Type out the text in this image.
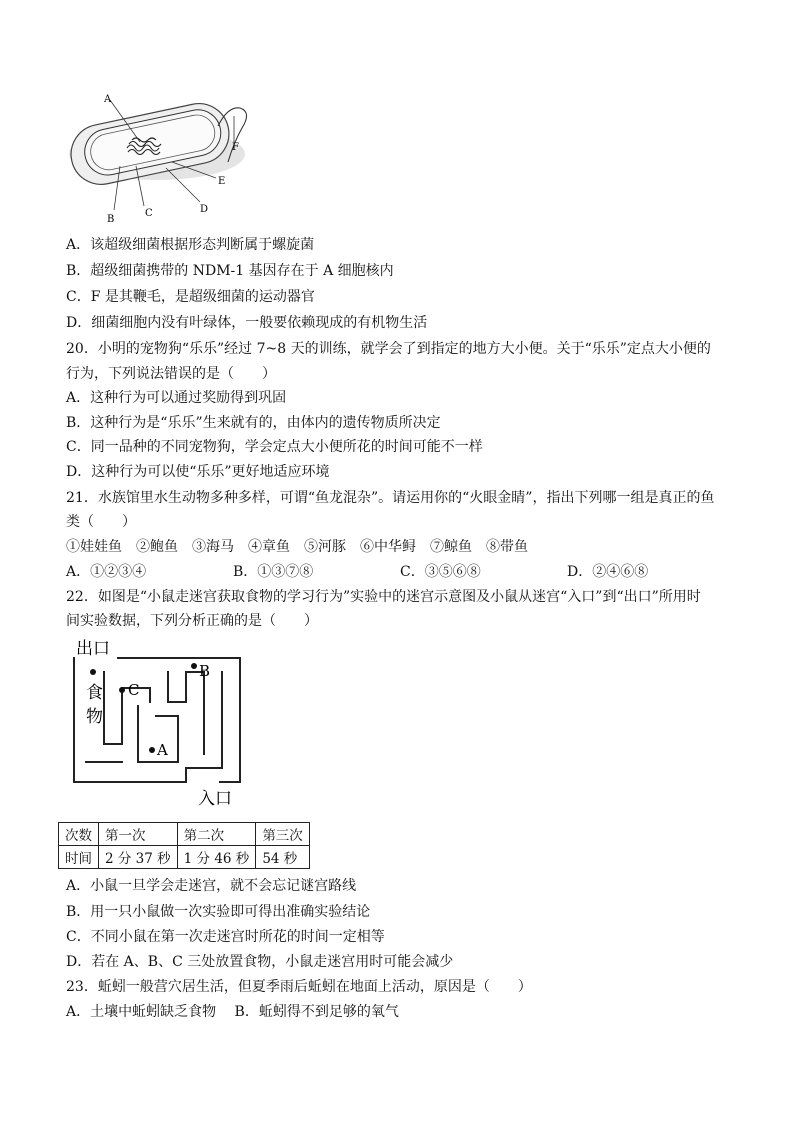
A
B
C	D
E
F
A．该超级细菌根据形态判断属于螺旋菌
B．超级细菌携带的 NDM-1 基因存在于 A 细胞核内
C．F 是其鞭毛，是超级细菌的运动器官
D．细菌细胞内没有叶绿体，一般要依赖现成的有机物生活
20．小明的宠物狗“乐乐”经过 7~8 天的训练，就学会了到指定的地方大小便。关于“乐乐”定点大小便的
行为，下列说法错误的是（　　）
A．这种行为可以通过奖励得到巩固
B．这种行为是“乐乐”生来就有的，由体内的遗传物质所决定
C．同一品种的不同宠物狗，学会定点大小便所花的时间可能不一样
D．这种行为可以使“乐乐”更好地适应环境
21．水族馆里水生动物多种多样，可谓“鱼龙混杂”。请运用你的“火眼金睛”，指出下列哪一组是真正的鱼
类（　　）
①娃娃鱼　②鲍鱼　③海马　④章鱼　⑤河豚　⑥中华鲟　⑦鲸鱼　⑧带鱼
A．①②③④	B．①③⑦⑧	C．③⑤⑥⑧	D．②④⑥⑧
22．如图是“小鼠走迷宫获取食物的学习行为”实验中的迷宫示意图及小鼠从迷宫“入口”到“出口”所用时
间实验数据，下列分析正确的是（　　）
出口
入口
食
物
C
B
A
次数	第一次	第二次	第三次
时间	2 分 37 秒	1 分 46 秒	54 秒
A．小鼠一旦学会走迷宫，就不会忘记谜宫路线
B．用一只小鼠做一次实验即可得出准确实验结论
C．不同小鼠在第一次走迷宫时所花的时间一定相等
D．若在 A、B、C 三处放置食物，小鼠走迷宫用时可能会减少
23．蚯蚓一般营穴居生活，但夏季雨后蚯蚓在地面上活动，原因是（　　）
A．土壤中蚯蚓缺乏食物　 B．蚯蚓得不到足够的氧气
